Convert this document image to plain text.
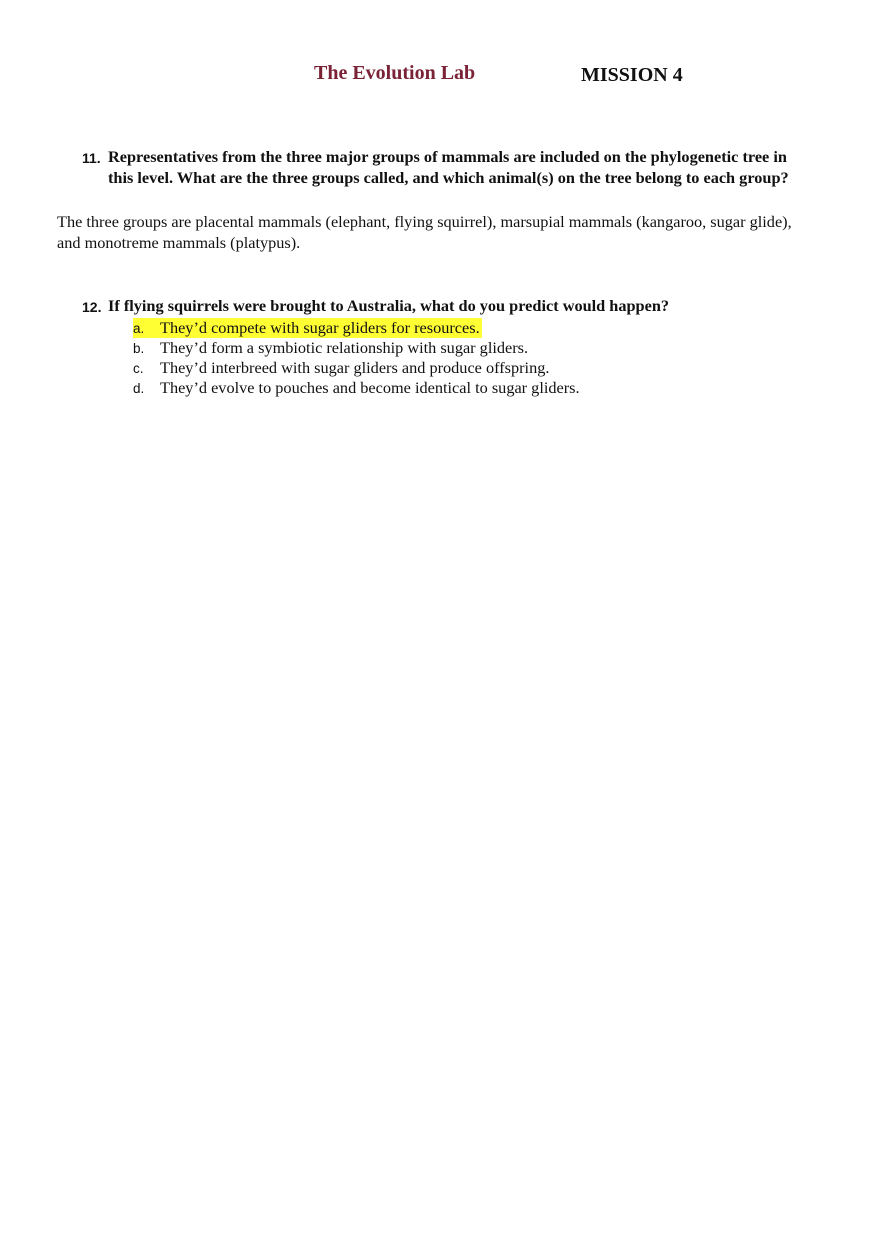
The Evolution Lab	MISSION 4
11. Representatives from the three major groups of mammals are included on the phylogenetic tree in this level. What are the three groups called, and which animal(s) on the tree belong to each group?
The three groups are placental mammals (elephant, flying squirrel), marsupial mammals (kangaroo, sugar glide), and monotreme mammals (platypus).
12. If flying squirrels were brought to Australia, what do you predict would happen?
a. They’d compete with sugar gliders for resources.
b. They’d form a symbiotic relationship with sugar gliders.
c. They’d interbreed with sugar gliders and produce offspring.
d. They’d evolve to pouches and become identical to sugar gliders.
